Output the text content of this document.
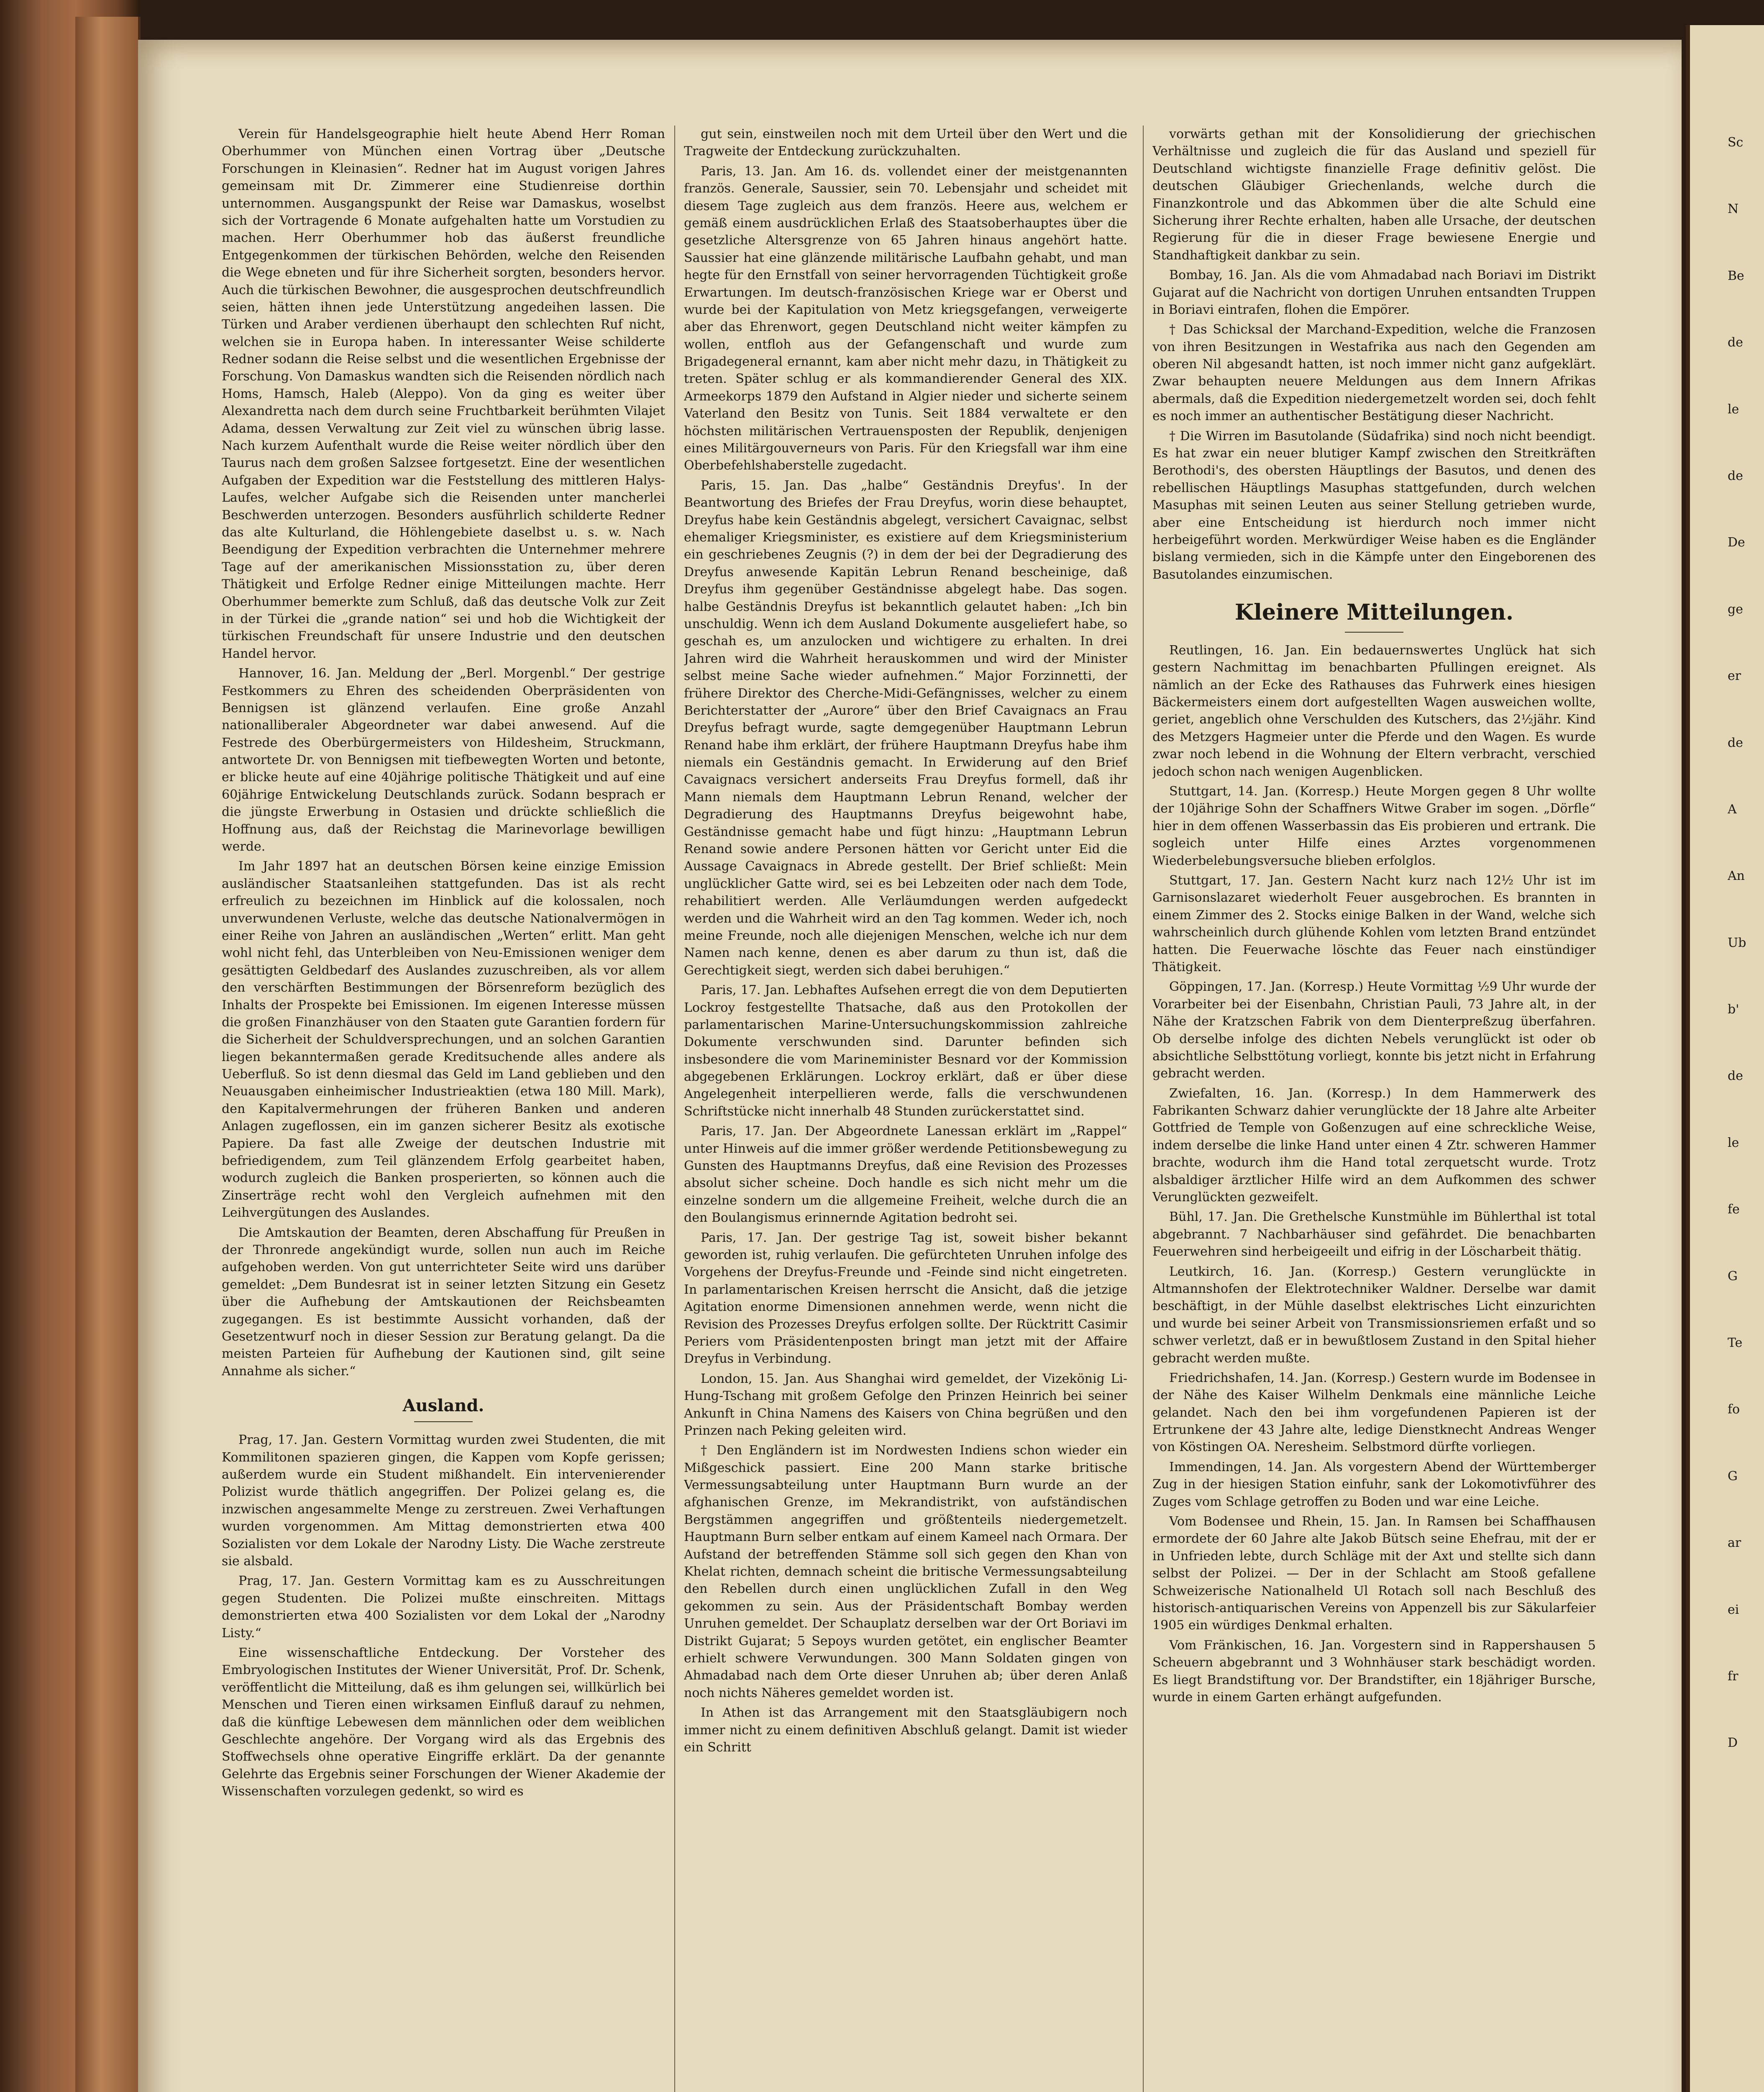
Verein für Handelsgeographie hielt heute Abend Herr Roman Oberhummer von München einen Vortrag über „Deutsche Forschungen in Kleinasien“. Redner hat im August vorigen Jahres gemeinsam mit Dr. Zimmerer eine Studienreise dorthin unternommen. Ausgangspunkt der Reise war Damaskus, woselbst sich der Vortragende 6 Monate aufgehalten hatte um Vorstudien zu machen. Herr Oberhummer hob das äußerst freundliche Entgegenkommen der türkischen Behörden, welche den Reisenden die Wege ebneten und für ihre Sicherheit sorgten, besonders hervor. Auch die türkischen Bewohner, die ausgesprochen deutschfreundlich seien, hätten ihnen jede Unterstützung angedeihen lassen. Die Türken und Araber verdienen überhaupt den schlechten Ruf nicht, welchen sie in Europa haben. In interessanter Weise schilderte Redner sodann die Reise selbst und die wesentlichen Ergebnisse der Forschung. Von Damaskus wandten sich die Reisenden nördlich nach Homs, Hamsch, Haleb (Aleppo). Von da ging es weiter über Alexandretta nach dem durch seine Fruchtbarkeit berühmten Vilajet Adama, dessen Verwaltung zur Zeit viel zu wünschen übrig lasse. Nach kurzem Aufenthalt wurde die Reise weiter nördlich über den Taurus nach dem großen Salzsee fortgesetzt. Eine der wesentlichen Aufgaben der Expedition war die Feststellung des mittleren Halys-Laufes, welcher Aufgabe sich die Reisenden unter mancherlei Beschwerden unterzogen. Besonders ausführlich schilderte Redner das alte Kulturland, die Höhlengebiete daselbst u. s. w. Nach Beendigung der Expedition verbrachten die Unternehmer mehrere Tage auf der amerikanischen Missionsstation zu, über deren Thätigkeit und Erfolge Redner einige Mitteilungen machte. Herr Oberhummer bemerkte zum Schluß, daß das deutsche Volk zur Zeit in der Türkei die „grande nation“ sei und hob die Wichtigkeit der türkischen Freundschaft für unsere Industrie und den deutschen Handel hervor.

Hannover, 16. Jan. Meldung der „Berl. Morgenbl.“ Der gestrige Festkommers zu Ehren des scheidenden Oberpräsidenten von Bennigsen ist glänzend verlaufen. Eine große Anzahl nationalliberaler Abgeordneter war dabei anwesend. Auf die Festrede des Oberbürgermeisters von Hildesheim, Struckmann, antwortete Dr. von Bennigsen mit tiefbewegten Worten und betonte, er blicke heute auf eine 40jährige politische Thätigkeit und auf eine 60jährige Entwickelung Deutschlands zurück. Sodann besprach er die jüngste Erwerbung in Ostasien und drückte schließlich die Hoffnung aus, daß der Reichstag die Marinevorlage bewilligen werde.

Im Jahr 1897 hat an deutschen Börsen keine einzige Emission ausländischer Staatsanleihen stattgefunden. Das ist als recht erfreulich zu bezeichnen im Hinblick auf die kolossalen, noch unverwundenen Verluste, welche das deutsche Nationalvermögen in einer Reihe von Jahren an ausländischen „Werten“ erlitt. Man geht wohl nicht fehl, das Unterbleiben von Neu-Emissionen weniger dem gesättigten Geldbedarf des Auslandes zuzuschreiben, als vor allem den verschärften Bestimmungen der Börsenreform bezüglich des Inhalts der Prospekte bei Emissionen. Im eigenen Interesse müssen die großen Finanzhäuser von den Staaten gute Garantien fordern für die Sicherheit der Schuldversprechungen, und an solchen Garantien liegen bekanntermaßen gerade Kreditsuchende alles andere als Ueberfluß. So ist denn diesmal das Geld im Land geblieben und den Neuausgaben einheimischer Industrieaktien (etwa 180 Mill. Mark), den Kapitalvermehrungen der früheren Banken und anderen Anlagen zugeflossen, ein im ganzen sicherer Besitz als exotische Papiere. Da fast alle Zweige der deutschen Industrie mit befriedigendem, zum Teil glänzendem Erfolg gearbeitet haben, wodurch zugleich die Banken prosperierten, so können auch die Zinserträge recht wohl den Vergleich aufnehmen mit den Leihvergütungen des Auslandes.

Die Amtskaution der Beamten, deren Abschaffung für Preußen in der Thronrede angekündigt wurde, sollen nun auch im Reiche aufgehoben werden. Von gut unterrichteter Seite wird uns darüber gemeldet: „Dem Bundesrat ist in seiner letzten Sitzung ein Gesetz über die Aufhebung der Amtskautionen der Reichsbeamten zugegangen. Es ist bestimmte Aussicht vorhanden, daß der Gesetzentwurf noch in dieser Session zur Beratung gelangt. Da die meisten Parteien für Aufhebung der Kautionen sind, gilt seine Annahme als sicher.“

Ausland.

Prag, 17. Jan. Gestern Vormittag wurden zwei Studenten, die mit Kommilitonen spazieren gingen, die Kappen vom Kopfe gerissen; außerdem wurde ein Student mißhandelt. Ein intervenierender Polizist wurde thätlich angegriffen. Der Polizei gelang es, die inzwischen angesammelte Menge zu zerstreuen. Zwei Verhaftungen wurden vorgenommen. Am Mittag demonstrierten etwa 400 Sozialisten vor dem Lokale der Narodny Listy. Die Wache zerstreute sie alsbald.

Prag, 17. Jan. Gestern Vormittag kam es zu Ausschreitungen gegen Studenten. Die Polizei mußte einschreiten. Mittags demonstrierten etwa 400 Sozialisten vor dem Lokal der „Narodny Listy.“

Eine wissenschaftliche Entdeckung. Der Vorsteher des Embryologischen Institutes der Wiener Universität, Prof. Dr. Schenk, veröffentlicht die Mitteilung, daß es ihm gelungen sei, willkürlich bei Menschen und Tieren einen wirksamen Einfluß darauf zu nehmen, daß die künftige Lebewesen dem männlichen oder dem weiblichen Geschlechte angehöre. Der Vorgang wird als das Ergebnis des Stoffwechsels ohne operative Eingriffe erklärt. Da der genannte Gelehrte das Ergebnis seiner Forschungen der Wiener Akademie der Wissenschaften vorzulegen gedenkt, so wird es

gut sein, einstweilen noch mit dem Urteil über den Wert und die Tragweite der Entdeckung zurückzuhalten.

Paris, 13. Jan. Am 16. ds. vollendet einer der meistgenannten französ. Generale, Saussier, sein 70. Lebensjahr und scheidet mit diesem Tage zugleich aus dem französ. Heere aus, welchem er gemäß einem ausdrücklichen Erlaß des Staatsoberhauptes über die gesetzliche Altersgrenze von 65 Jahren hinaus angehört hatte. Saussier hat eine glänzende militärische Laufbahn gehabt, und man hegte für den Ernstfall von seiner hervorragenden Tüchtigkeit große Erwartungen. Im deutsch-französischen Kriege war er Oberst und wurde bei der Kapitulation von Metz kriegsgefangen, verweigerte aber das Ehrenwort, gegen Deutschland nicht weiter kämpfen zu wollen, entfloh aus der Gefangenschaft und wurde zum Brigadegeneral ernannt, kam aber nicht mehr dazu, in Thätigkeit zu treten. Später schlug er als kommandierender General des XIX. Armeekorps 1879 den Aufstand in Algier nieder und sicherte seinem Vaterland den Besitz von Tunis. Seit 1884 verwaltete er den höchsten militärischen Vertrauensposten der Republik, denjenigen eines Militärgouverneurs von Paris. Für den Kriegsfall war ihm eine Oberbefehlshaberstelle zugedacht.

Paris, 15. Jan. Das „halbe“ Geständnis Dreyfus'. In der Beantwortung des Briefes der Frau Dreyfus, worin diese behauptet, Dreyfus habe kein Geständnis abgelegt, versichert Cavaignac, selbst ehemaliger Kriegsminister, es existiere auf dem Kriegsministerium ein geschriebenes Zeugnis (?) in dem der bei der Degradierung des Dreyfus anwesende Kapitän Lebrun Renand bescheinige, daß Dreyfus ihm gegenüber Geständnisse abgelegt habe. Das sogen. halbe Geständnis Dreyfus ist bekanntlich gelautet haben: „Ich bin unschuldig. Wenn ich dem Ausland Dokumente ausgeliefert habe, so geschah es, um anzulocken und wichtigere zu erhalten. In drei Jahren wird die Wahrheit herauskommen und wird der Minister selbst meine Sache wieder aufnehmen.“ Major Forzinnetti, der frühere Direktor des Cherche-Midi-Gefängnisses, welcher zu einem Berichterstatter der „Aurore“ über den Brief Cavaignacs an Frau Dreyfus befragt wurde, sagte demgegenüber Hauptmann Lebrun Renand habe ihm erklärt, der frühere Hauptmann Dreyfus habe ihm niemals ein Geständnis gemacht. In Erwiderung auf den Brief Cavaignacs versichert anderseits Frau Dreyfus formell, daß ihr Mann niemals dem Hauptmann Lebrun Renand, welcher der Degradierung des Hauptmanns Dreyfus beigewohnt habe, Geständnisse gemacht habe und fügt hinzu: „Hauptmann Lebrun Renand sowie andere Personen hätten vor Gericht unter Eid die Aussage Cavaignacs in Abrede gestellt. Der Brief schließt: Mein unglücklicher Gatte wird, sei es bei Lebzeiten oder nach dem Tode, rehabilitiert werden. Alle Verläumdungen werden aufgedeckt werden und die Wahrheit wird an den Tag kommen. Weder ich, noch meine Freunde, noch alle diejenigen Menschen, welche ich nur dem Namen nach kenne, denen es aber darum zu thun ist, daß die Gerechtigkeit siegt, werden sich dabei beruhigen.“

Paris, 17. Jan. Lebhaftes Aufsehen erregt die von dem Deputierten Lockroy festgestellte Thatsache, daß aus den Protokollen der parlamentarischen Marine-Untersuchungskommission zahlreiche Dokumente verschwunden sind. Darunter befinden sich insbesondere die vom Marineminister Besnard vor der Kommission abgegebenen Erklärungen. Lockroy erklärt, daß er über diese Angelegenheit interpellieren werde, falls die verschwundenen Schriftstücke nicht innerhalb 48 Stunden zurückerstattet sind.

Paris, 17. Jan. Der Abgeordnete Lanessan erklärt im „Rappel“ unter Hinweis auf die immer größer werdende Petitionsbewegung zu Gunsten des Hauptmanns Dreyfus, daß eine Revision des Prozesses absolut sicher scheine. Doch handle es sich nicht mehr um die einzelne sondern um die allgemeine Freiheit, welche durch die an den Boulangismus erinnernde Agitation bedroht sei.

Paris, 17. Jan. Der gestrige Tag ist, soweit bisher bekannt geworden ist, ruhig verlaufen. Die gefürchteten Unruhen infolge des Vorgehens der Dreyfus-Freunde und -Feinde sind nicht eingetreten. In parlamentarischen Kreisen herrscht die Ansicht, daß die jetzige Agitation enorme Dimensionen annehmen werde, wenn nicht die Revision des Prozesses Dreyfus erfolgen sollte. Der Rücktritt Casimir Periers vom Präsidentenposten bringt man jetzt mit der Affaire Dreyfus in Verbindung.

London, 15. Jan. Aus Shanghai wird gemeldet, der Vizekönig Li-Hung-Tschang mit großem Gefolge den Prinzen Heinrich bei seiner Ankunft in China Namens des Kaisers von China begrüßen und den Prinzen nach Peking geleiten wird.

† Den Engländern ist im Nordwesten Indiens schon wieder ein Mißgeschick passiert. Eine 200 Mann starke britische Vermessungsabteilung unter Hauptmann Burn wurde an der afghanischen Grenze, im Mekrandistrikt, von aufständischen Bergstämmen angegriffen und größtenteils niedergemetzelt. Hauptmann Burn selber entkam auf einem Kameel nach Ormara. Der Aufstand der betreffenden Stämme soll sich gegen den Khan von Khelat richten, demnach scheint die britische Vermessungsabteilung den Rebellen durch einen unglücklichen Zufall in den Weg gekommen zu sein. Aus der Präsidentschaft Bombay werden Unruhen gemeldet. Der Schauplatz derselben war der Ort Boriavi im Distrikt Gujarat; 5 Sepoys wurden getötet, ein englischer Beamter erhielt schwere Verwundungen. 300 Mann Soldaten gingen von Ahmadabad nach dem Orte dieser Unruhen ab; über deren Anlaß noch nichts Näheres gemeldet worden ist.

In Athen ist das Arrangement mit den Staatsgläubigern noch immer nicht zu einem definitiven Abschluß gelangt. Damit ist wieder ein Schritt

vorwärts gethan mit der Konsolidierung der griechischen Verhältnisse und zugleich die für das Ausland und speziell für Deutschland wichtigste finanzielle Frage definitiv gelöst. Die deutschen Gläubiger Griechenlands, welche durch die Finanzkontrole und das Abkommen über die alte Schuld eine Sicherung ihrer Rechte erhalten, haben alle Ursache, der deutschen Regierung für die in dieser Frage bewiesene Energie und Standhaftigkeit dankbar zu sein.

Bombay, 16. Jan. Als die vom Ahmadabad nach Boriavi im Distrikt Gujarat auf die Nachricht von dortigen Unruhen entsandten Truppen in Boriavi eintrafen, flohen die Empörer.

† Das Schicksal der Marchand-Expedition, welche die Franzosen von ihren Besitzungen in Westafrika aus nach den Gegenden am oberen Nil abgesandt hatten, ist noch immer nicht ganz aufgeklärt. Zwar behaupten neuere Meldungen aus dem Innern Afrikas abermals, daß die Expedition niedergemetzelt worden sei, doch fehlt es noch immer an authentischer Bestätigung dieser Nachricht.

† Die Wirren im Basutolande (Südafrika) sind noch nicht beendigt. Es hat zwar ein neuer blutiger Kampf zwischen den Streitkräften Berothodi's, des obersten Häuptlings der Basutos, und denen des rebellischen Häuptlings Masuphas stattgefunden, durch welchen Masuphas mit seinen Leuten aus seiner Stellung getrieben wurde, aber eine Entscheidung ist hierdurch noch immer nicht herbeigeführt worden. Merkwürdiger Weise haben es die Engländer bislang vermieden, sich in die Kämpfe unter den Eingeborenen des Basutolandes einzumischen.

Kleinere Mitteilungen.

Reutlingen, 16. Jan. Ein bedauernswertes Unglück hat sich gestern Nachmittag im benachbarten Pfullingen ereignet. Als nämlich an der Ecke des Rathauses das Fuhrwerk eines hiesigen Bäckermeisters einem dort aufgestellten Wagen ausweichen wollte, geriet, angeblich ohne Verschulden des Kutschers, das 2½jähr. Kind des Metzgers Hagmeier unter die Pferde und den Wagen. Es wurde zwar noch lebend in die Wohnung der Eltern verbracht, verschied jedoch schon nach wenigen Augenblicken.

Stuttgart, 14. Jan. (Korresp.) Heute Morgen gegen 8 Uhr wollte der 10jährige Sohn der Schaffners Witwe Graber im sogen. „Dörfle“ hier in dem offenen Wasserbassin das Eis probieren und ertrank. Die sogleich unter Hilfe eines Arztes vorgenommenen Wiederbelebungsversuche blieben erfolglos.

Stuttgart, 17. Jan. Gestern Nacht kurz nach 12½ Uhr ist im Garnisonslazaret wiederholt Feuer ausgebrochen. Es brannten in einem Zimmer des 2. Stocks einige Balken in der Wand, welche sich wahrscheinlich durch glühende Kohlen vom letzten Brand entzündet hatten. Die Feuerwache löschte das Feuer nach einstündiger Thätigkeit.

Göppingen, 17. Jan. (Korresp.) Heute Vormittag ½9 Uhr wurde der Vorarbeiter bei der Eisenbahn, Christian Pauli, 73 Jahre alt, in der Nähe der Kratzschen Fabrik von dem Dienterpreßzug überfahren. Ob derselbe infolge des dichten Nebels verunglückt ist oder ob absichtliche Selbsttötung vorliegt, konnte bis jetzt nicht in Erfahrung gebracht werden.

Zwiefalten, 16. Jan. (Korresp.) In dem Hammerwerk des Fabrikanten Schwarz dahier verunglückte der 18 Jahre alte Arbeiter Gottfried de Temple von Goßenzugen auf eine schreckliche Weise, indem derselbe die linke Hand unter einen 4 Ztr. schweren Hammer brachte, wodurch ihm die Hand total zerquetscht wurde. Trotz alsbaldiger ärztlicher Hilfe wird an dem Aufkommen des schwer Verunglückten gezweifelt.

Bühl, 17. Jan. Die Grethelsche Kunstmühle im Bühlerthal ist total abgebrannt. 7 Nachbarhäuser sind gefährdet. Die benachbarten Feuerwehren sind herbeigeeilt und eifrig in der Löscharbeit thätig.

Leutkirch, 16. Jan. (Korresp.) Gestern verunglückte in Altmannshofen der Elektrotechniker Waldner. Derselbe war damit beschäftigt, in der Mühle daselbst elektrisches Licht einzurichten und wurde bei seiner Arbeit von Transmissionsriemen erfaßt und so schwer verletzt, daß er in bewußtlosem Zustand in den Spital hieher gebracht werden mußte.

Friedrichshafen, 14. Jan. (Korresp.) Gestern wurde im Bodensee in der Nähe des Kaiser Wilhelm Denkmals eine männliche Leiche gelandet. Nach den bei ihm vorgefundenen Papieren ist der Ertrunkene der 43 Jahre alte, ledige Dienstknecht Andreas Wenger von Köstingen OA. Neresheim. Selbstmord dürfte vorliegen.

Immendingen, 14. Jan. Als vorgestern Abend der Württemberger Zug in der hiesigen Station einfuhr, sank der Lokomotivführer des Zuges vom Schlage getroffen zu Boden und war eine Leiche.

Vom Bodensee und Rhein, 15. Jan. In Ramsen bei Schaffhausen ermordete der 60 Jahre alte Jakob Bütsch seine Ehefrau, mit der er in Unfrieden lebte, durch Schläge mit der Axt und stellte sich dann selbst der Polizei. — Der in der Schlacht am Stooß gefallene Schweizerische Nationalheld Ul Rotach soll nach Beschluß des historisch-antiquarischen Vereins von Appenzell bis zur Säkularfeier 1905 ein würdiges Denkmal erhalten.

Vom Fränkischen, 16. Jan. Vorgestern sind in Rappershausen 5 Scheuern abgebrannt und 3 Wohnhäuser stark beschädigt worden. Es liegt Brandstiftung vor. Der Brandstifter, ein 18jähriger Bursche, wurde in einem Garten erhängt aufgefunden.

Sc
N
Be
de
le
de
De
ge
er
de
A
An
Ub
b'
de
le
fe
G
Te
fo
G
ar
ei
fr
D
